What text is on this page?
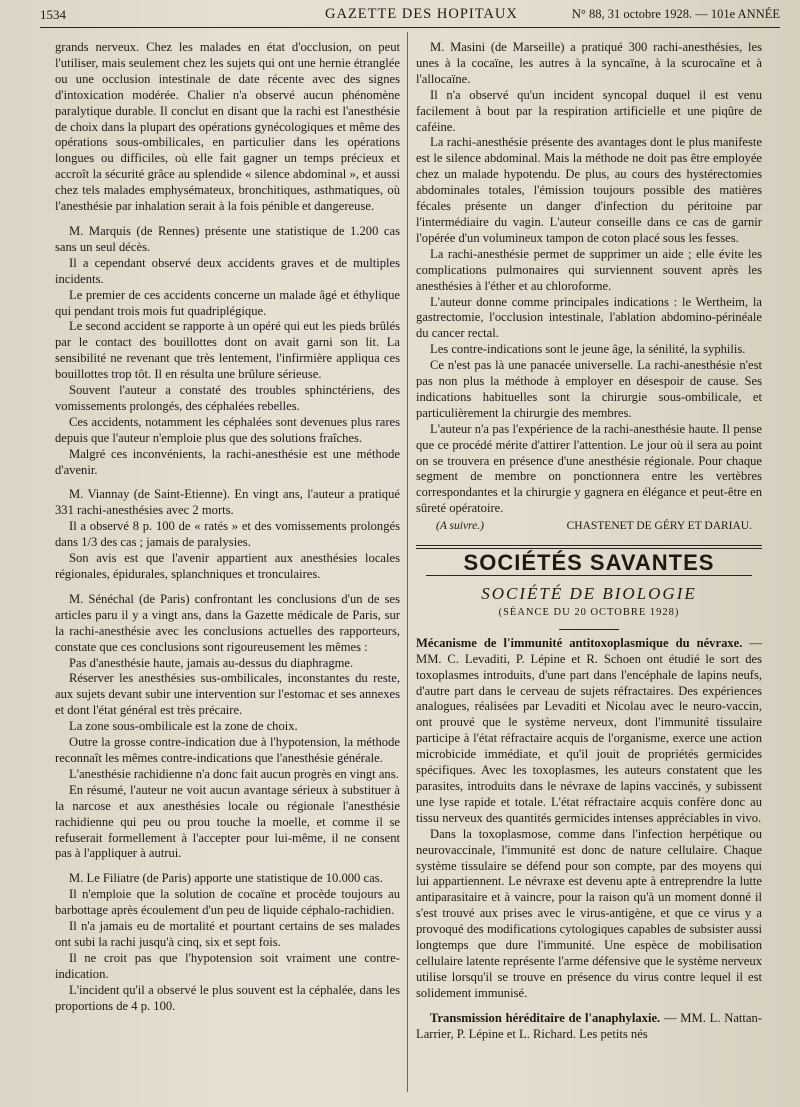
1534	GAZETTE DES HOPITAUX	N° 88, 31 octobre 1928. — 101e ANNÉE

grands nerveux. Chez les malades en état d'occlusion, on peut l'utiliser, mais seulement chez les sujets qui ont une hernie étranglée ou une occlusion intestinale de date récente avec des signes d'intoxication modérée. Chalier n'a observé aucun phénomène paralytique durable. Il conclut en disant que la rachi est l'anesthésie de choix dans la plupart des opérations gynécologiques et même des opérations sous-ombilicales, en particulier dans les opérations longues ou difficiles, où elle fait gagner un temps précieux et accroît la sécurité grâce au splendide « silence abdominal », et aussi chez tels malades emphysémateux, bronchitiques, asthmatiques, où l'anesthésie par inhalation serait à la fois pénible et dangereuse.

M. Marquis (de Rennes) présente une statistique de 1.200 cas sans un seul décès.

Il a cependant observé deux accidents graves et de multiples incidents.

Le premier de ces accidents concerne un malade âgé et éthylique qui pendant trois mois fut quadriplégique.

Le second accident se rapporte à un opéré qui eut les pieds brûlés par le contact des bouillottes dont on avait garni son lit. La sensibilité ne revenant que très lentement, l'infirmière appliqua ces bouillottes trop tôt. Il en résulta une brûlure sérieuse.

Souvent l'auteur a constaté des troubles sphinctériens, des vomissements prolongés, des céphalées rebelles.

Ces accidents, notamment les céphalées sont devenues plus rares depuis que l'auteur n'emploie plus que des solutions fraîches.

Malgré ces inconvénients, la rachi-anesthésie est une méthode d'avenir.

M. Viannay (de Saint-Etienne). En vingt ans, l'auteur a pratiqué 331 rachi-anesthésies avec 2 morts.

Il a observé 8 p. 100 de « ratés » et des vomissements prolongés dans 1/3 des cas ; jamais de paralysies.

Son avis est que l'avenir appartient aux anesthésies locales régionales, épidurales, splanchniques et tronculaires.

M. Sénéchal (de Paris) confrontant les conclusions d'un de ses articles paru il y a vingt ans, dans la Gazette médicale de Paris, sur la rachi-anesthésie avec les conclusions actuelles des rapporteurs, constate que ces conclusions sont rigoureusement les mêmes :

Pas d'anesthésie haute, jamais au-dessus du diaphragme.

Réserver les anesthésies sus-ombilicales, inconstantes du reste, aux sujets devant subir une intervention sur l'estomac et ses annexes et dont l'état général est très précaire.

La zone sous-ombilicale est la zone de choix.

Outre la grosse contre-indication due à l'hypotension, la méthode reconnaît les mêmes contre-indications que l'anesthésie générale.

L'anesthésie rachidienne n'a donc fait aucun progrès en vingt ans.

En résumé, l'auteur ne voit aucun avantage sérieux à substituer à la narcose et aux anesthésies locale ou régionale l'anesthésie rachidienne qui peu ou prou touche la moelle, et comme il se refuserait formellement à l'accepter pour lui-même, il ne consent pas à l'appliquer à autrui.

M. Le Filiatre (de Paris) apporte une statistique de 10.000 cas.

Il n'emploie que la solution de cocaïne et procède toujours au barbottage après écoulement d'un peu de liquide céphalo-rachidien.

Il n'a jamais eu de mortalité et pourtant certains de ses malades ont subi la rachi jusqu'à cinq, six et sept fois.

Il ne croit pas que l'hypotension soit vraiment une contre-indication.

L'incident qu'il a observé le plus souvent est la céphalée, dans les proportions de 4 p. 100.

M. Masini (de Marseille) a pratiqué 300 rachi-anesthésies, les unes à la cocaïne, les autres à la syncaïne, à la scurocaïne et à l'allocaïne.

Il n'a observé qu'un incident syncopal duquel il est venu facilement à bout par la respiration artificielle et une piqûre de caféine.

La rachi-anesthésie présente des avantages dont le plus manifeste est le silence abdominal. Mais la méthode ne doit pas être employée chez un malade hypotendu. De plus, au cours des hystérectomies abdominales totales, l'émission toujours possible des matières fécales présente un danger d'infection du péritoine par l'intermédiaire du vagin. L'auteur conseille dans ce cas de garnir l'opérée d'un volumineux tampon de coton placé sous les fesses.

La rachi-anesthésie permet de supprimer un aide ; elle évite les complications pulmonaires qui surviennent souvent après les anesthésies à l'éther et au chloroforme.

L'auteur donne comme principales indications : le Wertheim, la gastrectomie, l'occlusion intestinale, l'ablation abdomino-périnéale du cancer rectal.

Les contre-indications sont le jeune âge, la sénilité, la syphilis.

Ce n'est pas là une panacée universelle. La rachi-anesthésie n'est pas non plus la méthode à employer en désespoir de cause. Ses indications habituelles sont la chirurgie sous-ombilicale, et particulièrement la chirurgie des membres.

L'auteur n'a pas l'expérience de la rachi-anesthésie haute. Il pense que ce procédé mérite d'attirer l'attention. Le jour où il sera au point on se trouvera en présence d'une anesthésie régionale. Pour chaque segment de membre on ponctionnera entre les vertèbres correspondantes et la chirurgie y gagnera en élégance et peut-être en sûreté opératoire.

(A suivre.)	CHASTENET DE GÉRY ET DARIAU.
SOCIÉTÉS SAVANTES
SOCIÉTÉ DE BIOLOGIE
(SÉANCE DU 20 OCTOBRE 1928)

Mécanisme de l'immunité antitoxoplasmique du névraxe. — MM. C. Levaditi, P. Lépine et R. Schoen ont étudié le sort des toxoplasmes introduits, d'une part dans l'encéphale de lapins neufs, d'autre part dans le cerveau de sujets réfractaires. Des expériences analogues, réalisées par Levaditi et Nicolau avec le neuro-vaccin, ont prouvé que le système nerveux, dont l'immunité tissulaire participe à l'état réfractaire acquis de l'organisme, exerce une action microbicide immédiate, et qu'il jouit de propriétés germicides spécifiques. Avec les toxoplasmes, les auteurs constatent que les parasites, introduits dans le névraxe de lapins vaccinés, y subissent une lyse rapide et totale. L'état réfractaire acquis confère donc au tissu nerveux des quantités germicides intenses appréciables in vivo.

Dans la toxoplasmose, comme dans l'infection herpétique ou neurovaccinale, l'immunité est donc de nature cellulaire. Chaque système tissulaire se défend pour son compte, par des moyens qui lui appartiennent. Le névraxe est devenu apte à entreprendre la lutte antiparasitaire et à vaincre, pour la raison qu'à un moment donné il s'est trouvé aux prises avec le virus-antigène, et que ce virus y a provoqué des modifications cytologiques capables de subsister aussi longtemps que dure l'immunité. Une espèce de mobilisation cellulaire latente représente l'arme défensive que le système nerveux utilise lorsqu'il se trouve en présence du virus contre lequel il est solidement immunisé.

Transmission héréditaire de l'anaphylaxie. — MM. L. Nattan-Larrier, P. Lépine et L. Richard. Les petits nés
